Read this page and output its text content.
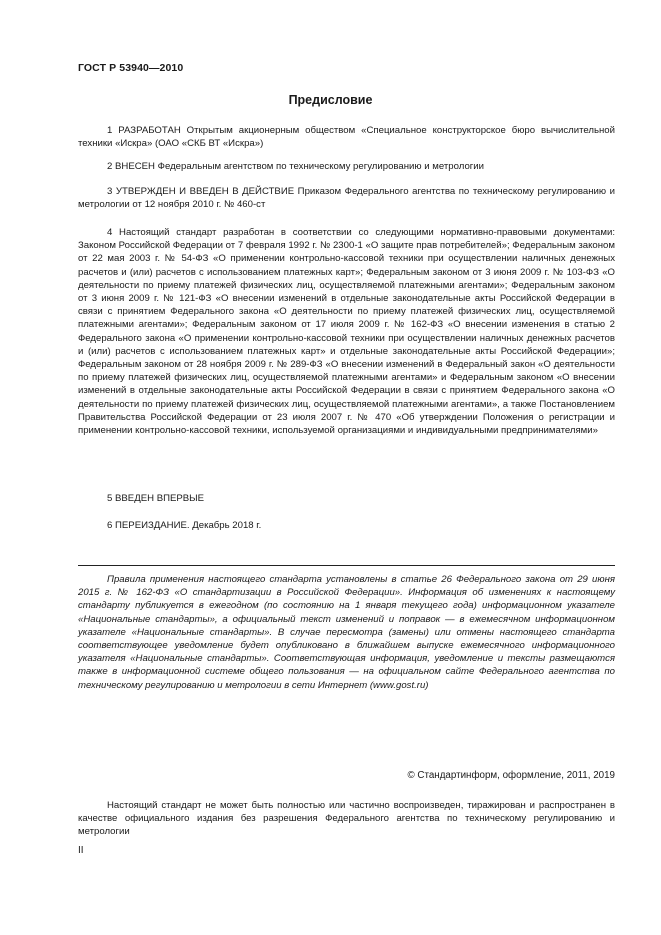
ГОСТ Р 53940—2010
Предисловие

1 РАЗРАБОТАН Открытым акционерным обществом «Специальное конструкторское бюро вычислительной техники «Искра» (ОАО «СКБ ВТ «Искра»)

2 ВНЕСЕН Федеральным агентством по техническому регулированию и метрологии

3 УТВЕРЖДЕН И ВВЕДЕН В ДЕЙСТВИЕ Приказом Федерального агентства по техническому регулированию и метрологии от 12 ноября 2010 г. № 460-ст

4 Настоящий стандарт разработан в соответствии со следующими нормативно-правовыми документами: Законом Российской Федерации от 7 февраля 1992 г. № 2300-1 «О защите прав потребителей»; Федеральным законом от 22 мая 2003 г. № 54-ФЗ «О применении контрольно-кассовой техники при осуществлении наличных денежных расчетов и (или) расчетов с использованием платежных карт»; Федеральным законом от 3 июня 2009 г. № 103-ФЗ «О деятельности по приему платежей физических лиц, осуществляемой платежными агентами»; Федеральным законом от 3 июня 2009 г. № 121-ФЗ «О внесении изменений в отдельные законодательные акты Российской Федерации в связи с принятием Федерального закона «О деятельности по приему платежей физических лиц, осуществляемой платежными агентами»; Федеральным законом от 17 июля 2009 г. № 162-ФЗ «О внесении изменения в статью 2 Федерального закона «О применении контрольно-кассовой техники при осуществлении наличных денежных расчетов и (или) расчетов с использованием платежных карт» и отдельные законодательные акты Российской Федерации»; Федеральным законом от 28 ноября 2009 г. № 289-ФЗ «О внесении изменений в Федеральный закон «О деятельности по приему платежей физических лиц, осуществляемой платежными агентами» и Федеральным законом «О внесении изменений в отдельные законодательные акты Российской Федерации в связи с принятием Федерального закона «О деятельности по приему платежей физических лиц, осуществляемой платежными агентами», а также Постановлением Правительства Российской Федерации от 23 июля 2007 г. № 470 «Об утверждении Положения о регистрации и применении контрольно-кассовой техники, используемой организациями и индивидуальными предпринимателями»

5 ВВЕДЕН ВПЕРВЫЕ

6 ПЕРЕИЗДАНИЕ. Декабрь 2018 г.

Правила применения настоящего стандарта установлены в статье 26 Федерального закона от 29 июня 2015 г. № 162-ФЗ «О стандартизации в Российской Федерации». Информация об изменениях к настоящему стандарту публикуется в ежегодном (по состоянию на 1 января текущего года) информационном указателе «Национальные стандарты», а официальный текст изменений и поправок — в ежемесячном информационном указателе «Национальные стандарты». В случае пересмотра (замены) или отмены настоящего стандарта соответствующее уведомление будет опубликовано в ближайшем выпуске ежемесячного информационного указателя «Национальные стандарты». Соответствующая информация, уведомление и тексты размещаются также в информационной системе общего пользования — на официальном сайте Федерального агентства по техническому регулированию и метрологии в сети Интернет (www.gost.ru)

© Стандартинформ, оформление, 2011, 2019

Настоящий стандарт не может быть полностью или частично воспроизведен, тиражирован и распространен в качестве официального издания без разрешения Федерального агентства по техническому регулированию и метрологии

II
